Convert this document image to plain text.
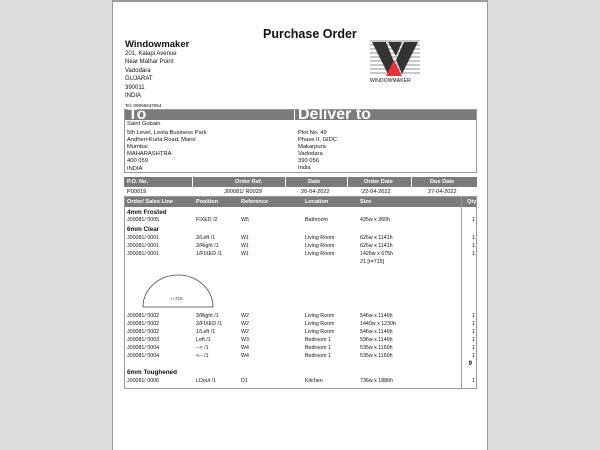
Purchase Order
Windowmaker
201, Kalapi Avenue
Near Malhar Point
Vadodara
GUJARAT
390011
INDIA
Tel: 09866647854
WINDOWMAKER
To	Deliver to
Saint Gobain
5th Level, Leela Business Park
Andheri-Kurla Road, Marol
Mumbai
MAHARASHTRA
400 059
INDIA
Plot No. 49
Phase II, GIDC
Makarpura
Vadodara
390 056
India
P.O. No.	Order Ref.	Date	Order Date	Due Date
P00019	J00081/ R0029	20-04-2022	22-04-2022	27-04-2022
Order/ Sales Line	Position	Reference	Location	Size	Qty
4mm Frosted
J00081/ 0005	FIXED /2	W5	Bathroom	435w x 360h	1
6mm Clear
J00081/ 0001	2/Left /1	W1	Living Room	626w x 1141h	1
J00081/ 0001	2/Right /1	W1	Living Room	626w x 1141h	1
J00081/ 0001	1/FIXED /1	W1	Living Room	1426w x 675h	1
21 [r=715]
r=715
J00081/ 0002	3/Right /1	W2	Living Room	546w x 1146h	1
J00081/ 0002	2/FIXED /1	W2	Living Room	1440w x 1230h	1
J00081/ 0002	1/Left /1	W2	Living Room	546w x 1146h	1
J00081/ 0003	Left /1	W3	Bedroom 1	596w x 1146h	1
J00081/ 0004	--> /1	W4	Bedroom 1	535w x 1160h	1
J00081/ 0004	<-- /1	W4	Bedroom 1	535w x 1160h	1
9
6mm Toughened
J00081/ 0006	LDout /1	D1	Kitchen	736w x 1886h	1
